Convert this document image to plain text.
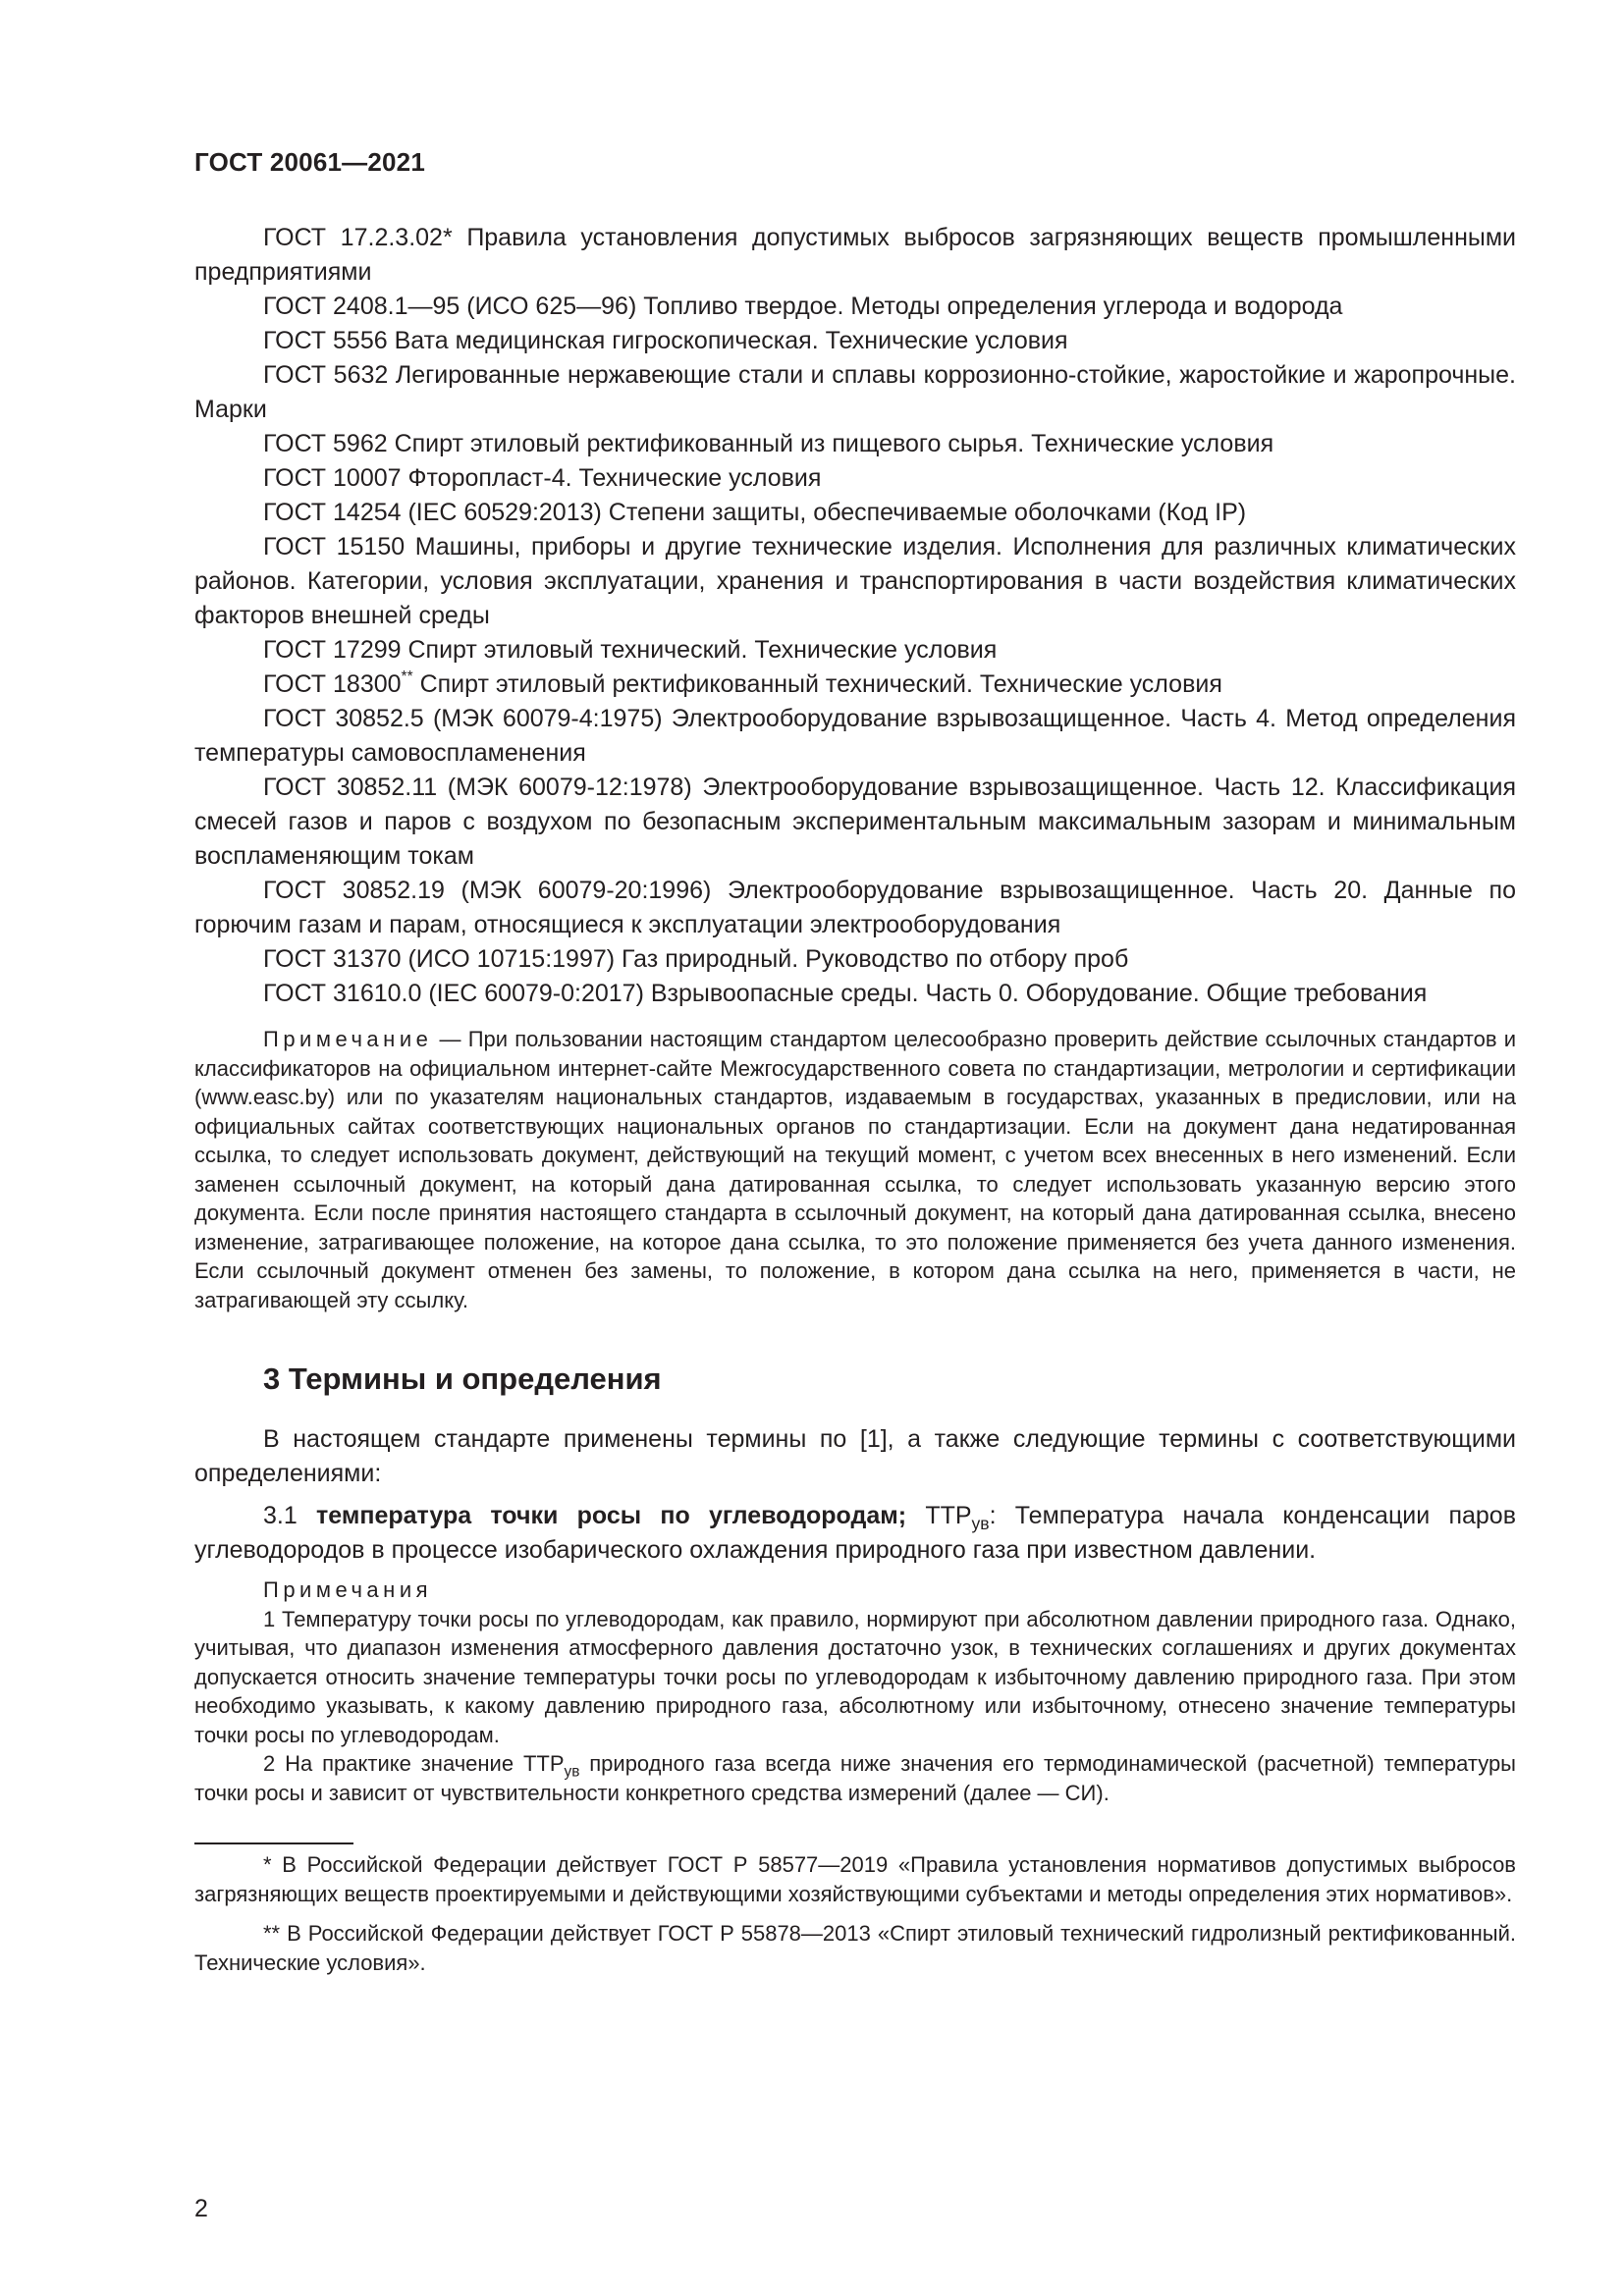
ГОСТ 20061—2021

ГОСТ 17.2.3.02* Правила установления допустимых выбросов загрязняющих веществ промышленными предприятиями

ГОСТ 2408.1—95 (ИСО 625—96) Топливо твердое. Методы определения углерода и водорода

ГОСТ 5556 Вата медицинская гигроскопическая. Технические условия

ГОСТ 5632 Легированные нержавеющие стали и сплавы коррозионно-стойкие, жаростойкие и жаропрочные. Марки

ГОСТ 5962 Спирт этиловый ректификованный из пищевого сырья. Технические условия

ГОСТ 10007 Фторопласт-4. Технические условия

ГОСТ 14254 (IEC 60529:2013) Степени защиты, обеспечиваемые оболочками (Код IP)

ГОСТ 15150 Машины, приборы и другие технические изделия. Исполнения для различных климатических районов. Категории, условия эксплуатации, хранения и транспортирования в части воздействия климатических факторов внешней среды

ГОСТ 17299 Спирт этиловый технический. Технические условия

ГОСТ 18300** Спирт этиловый ректификованный технический. Технические условия

ГОСТ 30852.5 (МЭК 60079-4:1975) Электрооборудование взрывозащищенное. Часть 4. Метод определения температуры самовоспламенения

ГОСТ 30852.11 (МЭК 60079-12:1978) Электрооборудование взрывозащищенное. Часть 12. Классификация смесей газов и паров с воздухом по безопасным экспериментальным максимальным зазорам и минимальным воспламеняющим токам

ГОСТ 30852.19 (МЭК 60079-20:1996) Электрооборудование взрывозащищенное. Часть 20. Данные по горючим газам и парам, относящиеся к эксплуатации электрооборудования

ГОСТ 31370 (ИСО 10715:1997) Газ природный. Руководство по отбору проб

ГОСТ 31610.0 (IEC 60079-0:2017) Взрывоопасные среды. Часть 0. Оборудование. Общие требования

Примечание — При пользовании настоящим стандартом целесообразно проверить действие ссылочных стандартов и классификаторов на официальном интернет-сайте Межгосударственного совета по стандартизации, метрологии и сертификации (www.easc.by) или по указателям национальных стандартов, издаваемым в государствах, указанных в предисловии, или на официальных сайтах соответствующих национальных органов по стандартизации. Если на документ дана недатированная ссылка, то следует использовать документ, действующий на текущий момент, с учетом всех внесенных в него изменений. Если заменен ссылочный документ, на который дана датированная ссылка, то следует использовать указанную версию этого документа. Если после принятия настоящего стандарта в ссылочный документ, на который дана датированная ссылка, внесено изменение, затрагивающее положение, на которое дана ссылка, то это положение применяется без учета данного изменения. Если ссылочный документ отменен без замены, то положение, в котором дана ссылка на него, применяется в части, не затрагивающей эту ссылку.

3 Термины и определения

В настоящем стандарте применены термины по [1], а также следующие термины с соответствующими определениями:

3.1 температура точки росы по углеводородам; $ТТР_{ув}$: Температура начала конденсации паров углеводородов в процессе изобарического охлаждения природного газа при известном давлении.

Примечания

1 Температуру точки росы по углеводородам, как правило, нормируют при абсолютном давлении природного газа. Однако, учитывая, что диапазон изменения атмосферного давления достаточно узок, в технических соглашениях и других документах допускается относить значение температуры точки росы по углеводородам к избыточному давлению природного газа. При этом необходимо указывать, к какому давлению природного газа, абсолютному или избыточному, отнесено значение температуры точки росы по углеводородам.

2 На практике значение $ТТР_{ув}$ природного газа всегда ниже значения его термодинамической (расчетной) температуры точки росы и зависит от чувствительности конкретного средства измерений (далее — СИ).

* В Российской Федерации действует ГОСТ Р 58577—2019 «Правила установления нормативов допустимых выбросов загрязняющих веществ проектируемыми и действующими хозяйствующими субъектами и методы определения этих нормативов».

** В Российской Федерации действует ГОСТ Р 55878—2013 «Спирт этиловый технический гидролизный ректификованный. Технические условия».

2
